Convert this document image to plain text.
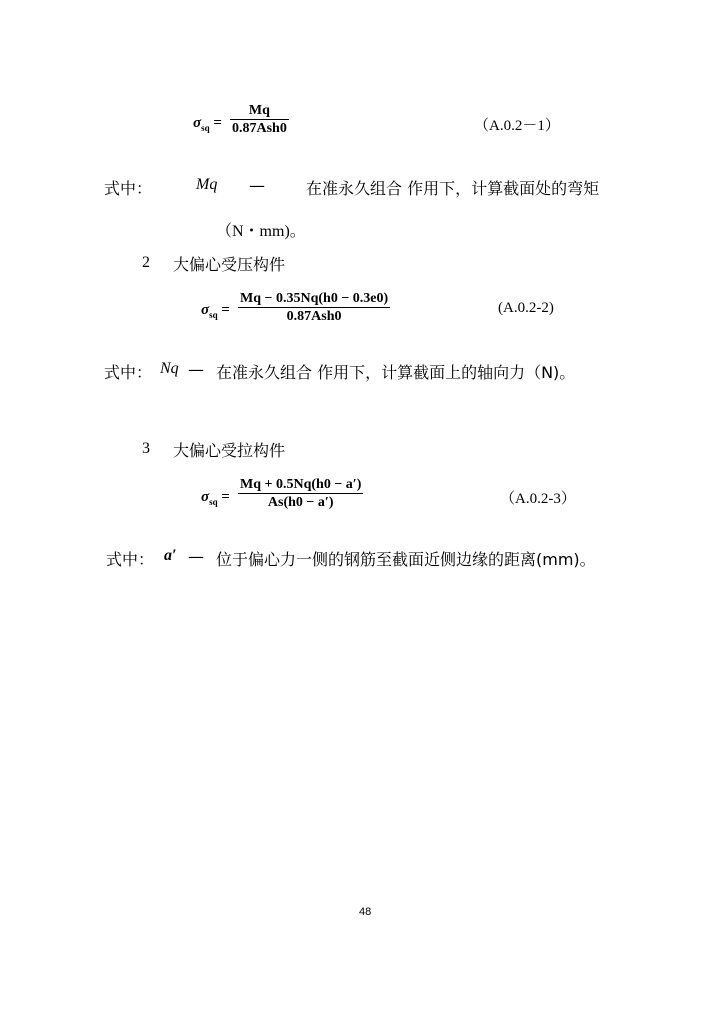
$\sigma_{sq}$ =
Mq
0.87Ash0	（A.0.2－1）
式中：	Mq —	在准永久组合 作用下，计算截面处的弯矩
（N・mm)。
2 大偏心受压构件
$\sigma_{sq}$ =
Mq − 0.35Nq(h0 − 0.3e0)
0.87Ash0
(A.0.2-2)
式中： Nq — 在准永久组合 作用下，计算截面上的轴向力（N)。
3 大偏心受拉构件
$\sigma_{sq}$ =
Mq + 0.5Nq(h0 − a′)
As(h0 − a′)	（A.0.2-3）
式中： a′ — 位于偏心力一侧的钢筋至截面近侧边缘的距离(mm)。
48
